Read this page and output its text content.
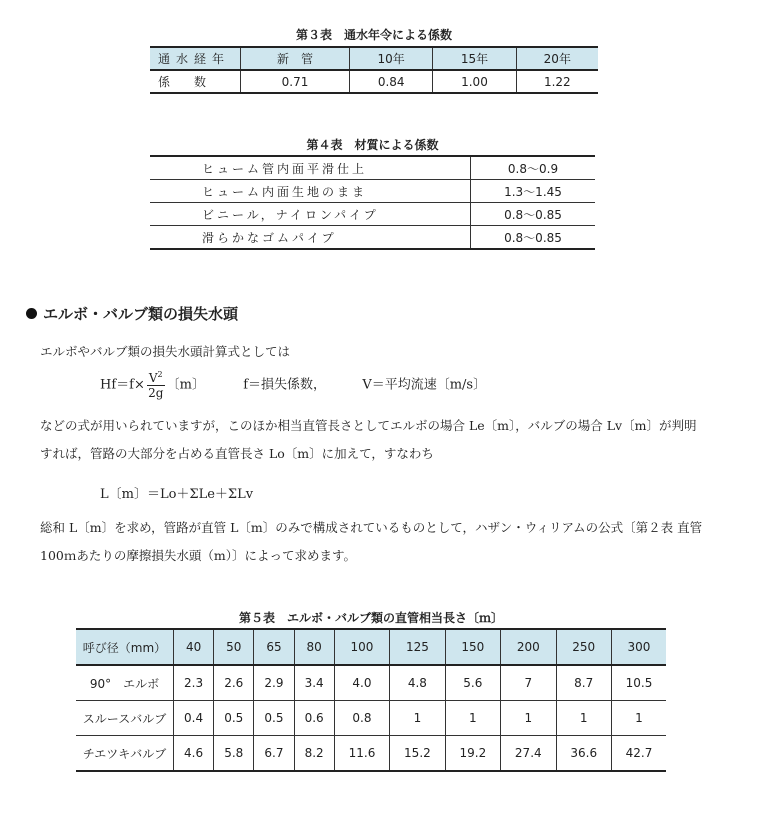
第３表　通水年令による係数
通水経年	新　管	10年	15年	20年
係　数	0.71	0.84	1.00	1.22
第４表　材質による係数
ヒューム管内面平滑仕上	0.8〜0.9
ヒューム内面生地のまま	1.3〜1.45
ビニール，ナイロンパイプ	0.8〜0.85
滑らかなゴムパイプ	0.8〜0.85
エルボ・バルブ類の損失水頭
エルボやバルブ類の損失水頭計算式としては
$Hf=f\times \frac{V^2}{2g}$ 〔m〕	f＝損失係数，	V＝平均流速〔m/s〕
などの式が用いられていますが，このほか相当直管長さとしてエルボの場合 Le〔m〕，バルブの場合 Lv〔m〕が判明
すれば，管路の大部分を占める直管長さ Lo〔m〕に加えて，すなわち
L〔m〕＝Lo＋ΣLe＋ΣLv
総和 L〔m〕を求め，管路が直管 L〔m〕のみで構成されているものとして，ハザン・ウィリアムの公式〔第２表 直管
100ｍあたりの摩擦損失水頭（m）〕によって求めます。
第５表　エルボ・バルブ類の直管相当長さ〔ｍ〕
呼び径（mm）	40	50	65	80	100	125	150	200	250	300
90°　エルボ	2.3	2.6	2.9	3.4	4.0	4.8	5.6	7	8.7	10.5
スルースバルブ	0.4	0.5	0.5	0.6	0.8	1	1	1	1	1
チエツキバルブ	4.6	5.8	6.7	8.2	11.6	15.2	19.2	27.4	36.6	42.7
